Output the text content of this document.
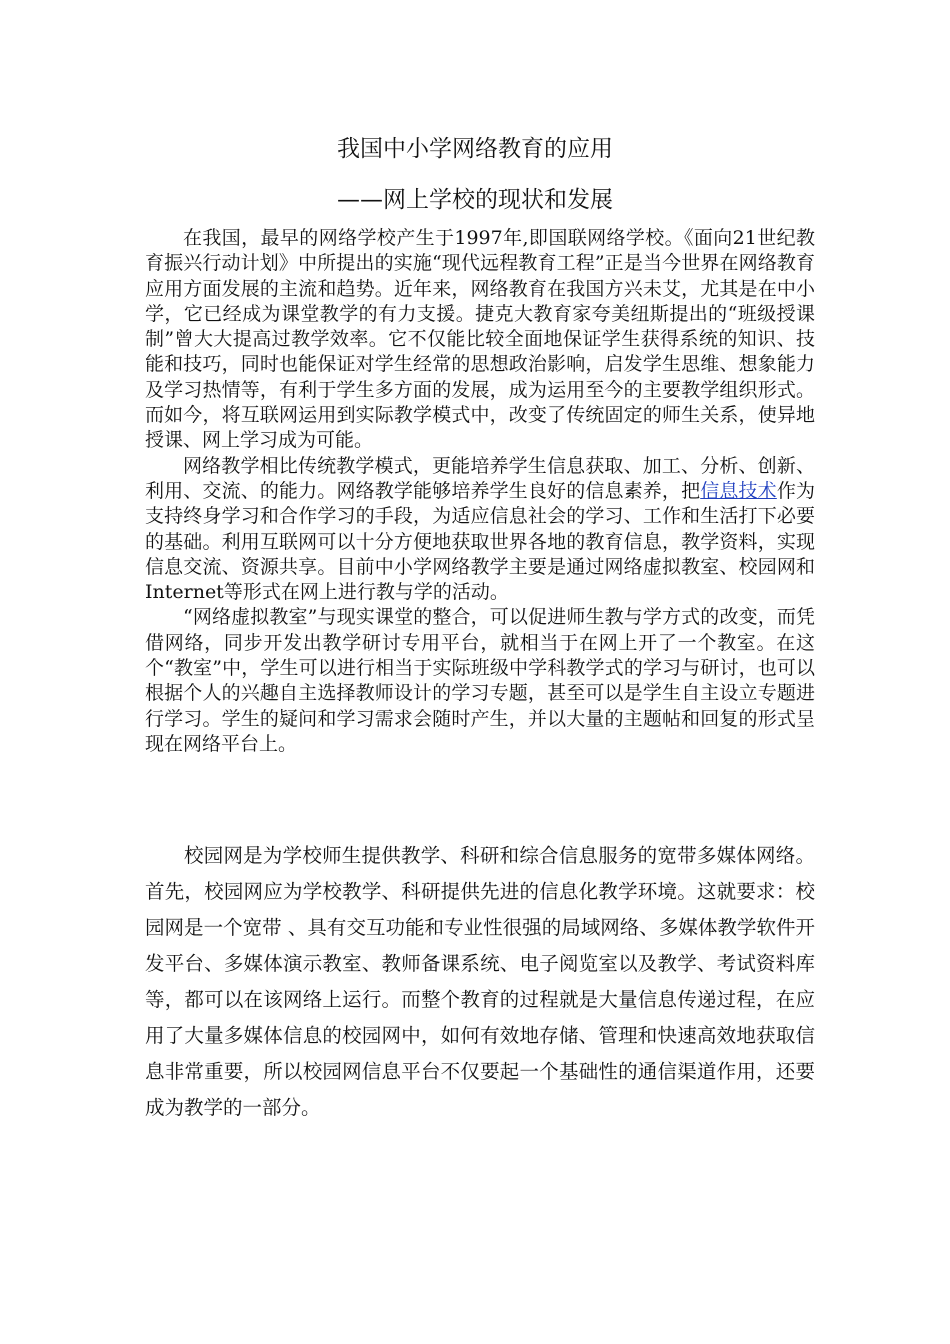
我国中小学网络教育的应用
——网上学校的现状和发展

在我国，最早的网络学校产生于1997年,即国联网络学校。《面向21世纪教育振兴行动计划》中所提出的实施“现代远程教育工程”正是当今世界在网络教育应用方面发展的主流和趋势。近年来，网络教育在我国方兴未艾，尤其是在中小学，它已经成为课堂教学的有力支援。捷克大教育家夸美纽斯提出的“班级授课制”曾大大提高过教学效率。它不仅能比较全面地保证学生获得系统的知识、技能和技巧，同时也能保证对学生经常的思想政治影响，启发学生思维、想象能力及学习热情等，有利于学生多方面的发展，成为运用至今的主要教学组织形式。而如今，将互联网运用到实际教学模式中，改变了传统固定的师生关系，使异地授课、网上学习成为可能。

网络教学相比传统教学模式，更能培养学生信息获取、加工、分析、创新、利用、交流、的能力。网络教学能够培养学生良好的信息素养，把信息技术作为支持终身学习和合作学习的手段，为适应信息社会的学习、工作和生活打下必要的基础。利用互联网可以十分方便地获取世界各地的教育信息，教学资料，实现信息交流、资源共享。目前中小学网络教学主要是通过网络虚拟教室、校园网和Internet等形式在网上进行教与学的活动。

“网络虚拟教室”与现实课堂的整合，可以促进师生教与学方式的改变，而凭借网络，同步开发出教学研讨专用平台，就相当于在网上开了一个教室。在这个“教室”中，学生可以进行相当于实际班级中学科教学式的学习与研讨，也可以根据个人的兴趣自主选择教师设计的学习专题，甚至可以是学生自主设立专题进行学习。学生的疑问和学习需求会随时产生，并以大量的主题帖和回复的形式呈现在网络平台上。

校园网是为学校师生提供教学、科研和综合信息服务的宽带多媒体网络。首先，校园网应为学校教学、科研提供先进的信息化教学环境。这就要求：校园网是一个宽带 、具有交互功能和专业性很强的局域网络、多媒体教学软件开发平台、多媒体演示教室、教师备课系统、电子阅览室以及教学、考试资料库等，都可以在该网络上运行。而整个教育的过程就是大量信息传递过程，在应用了大量多媒体信息的校园网中，如何有效地存储、管理和快速高效地获取信息非常重要，所以校园网信息平台不仅要起一个基础性的通信渠道作用，还要成为教学的一部分。
